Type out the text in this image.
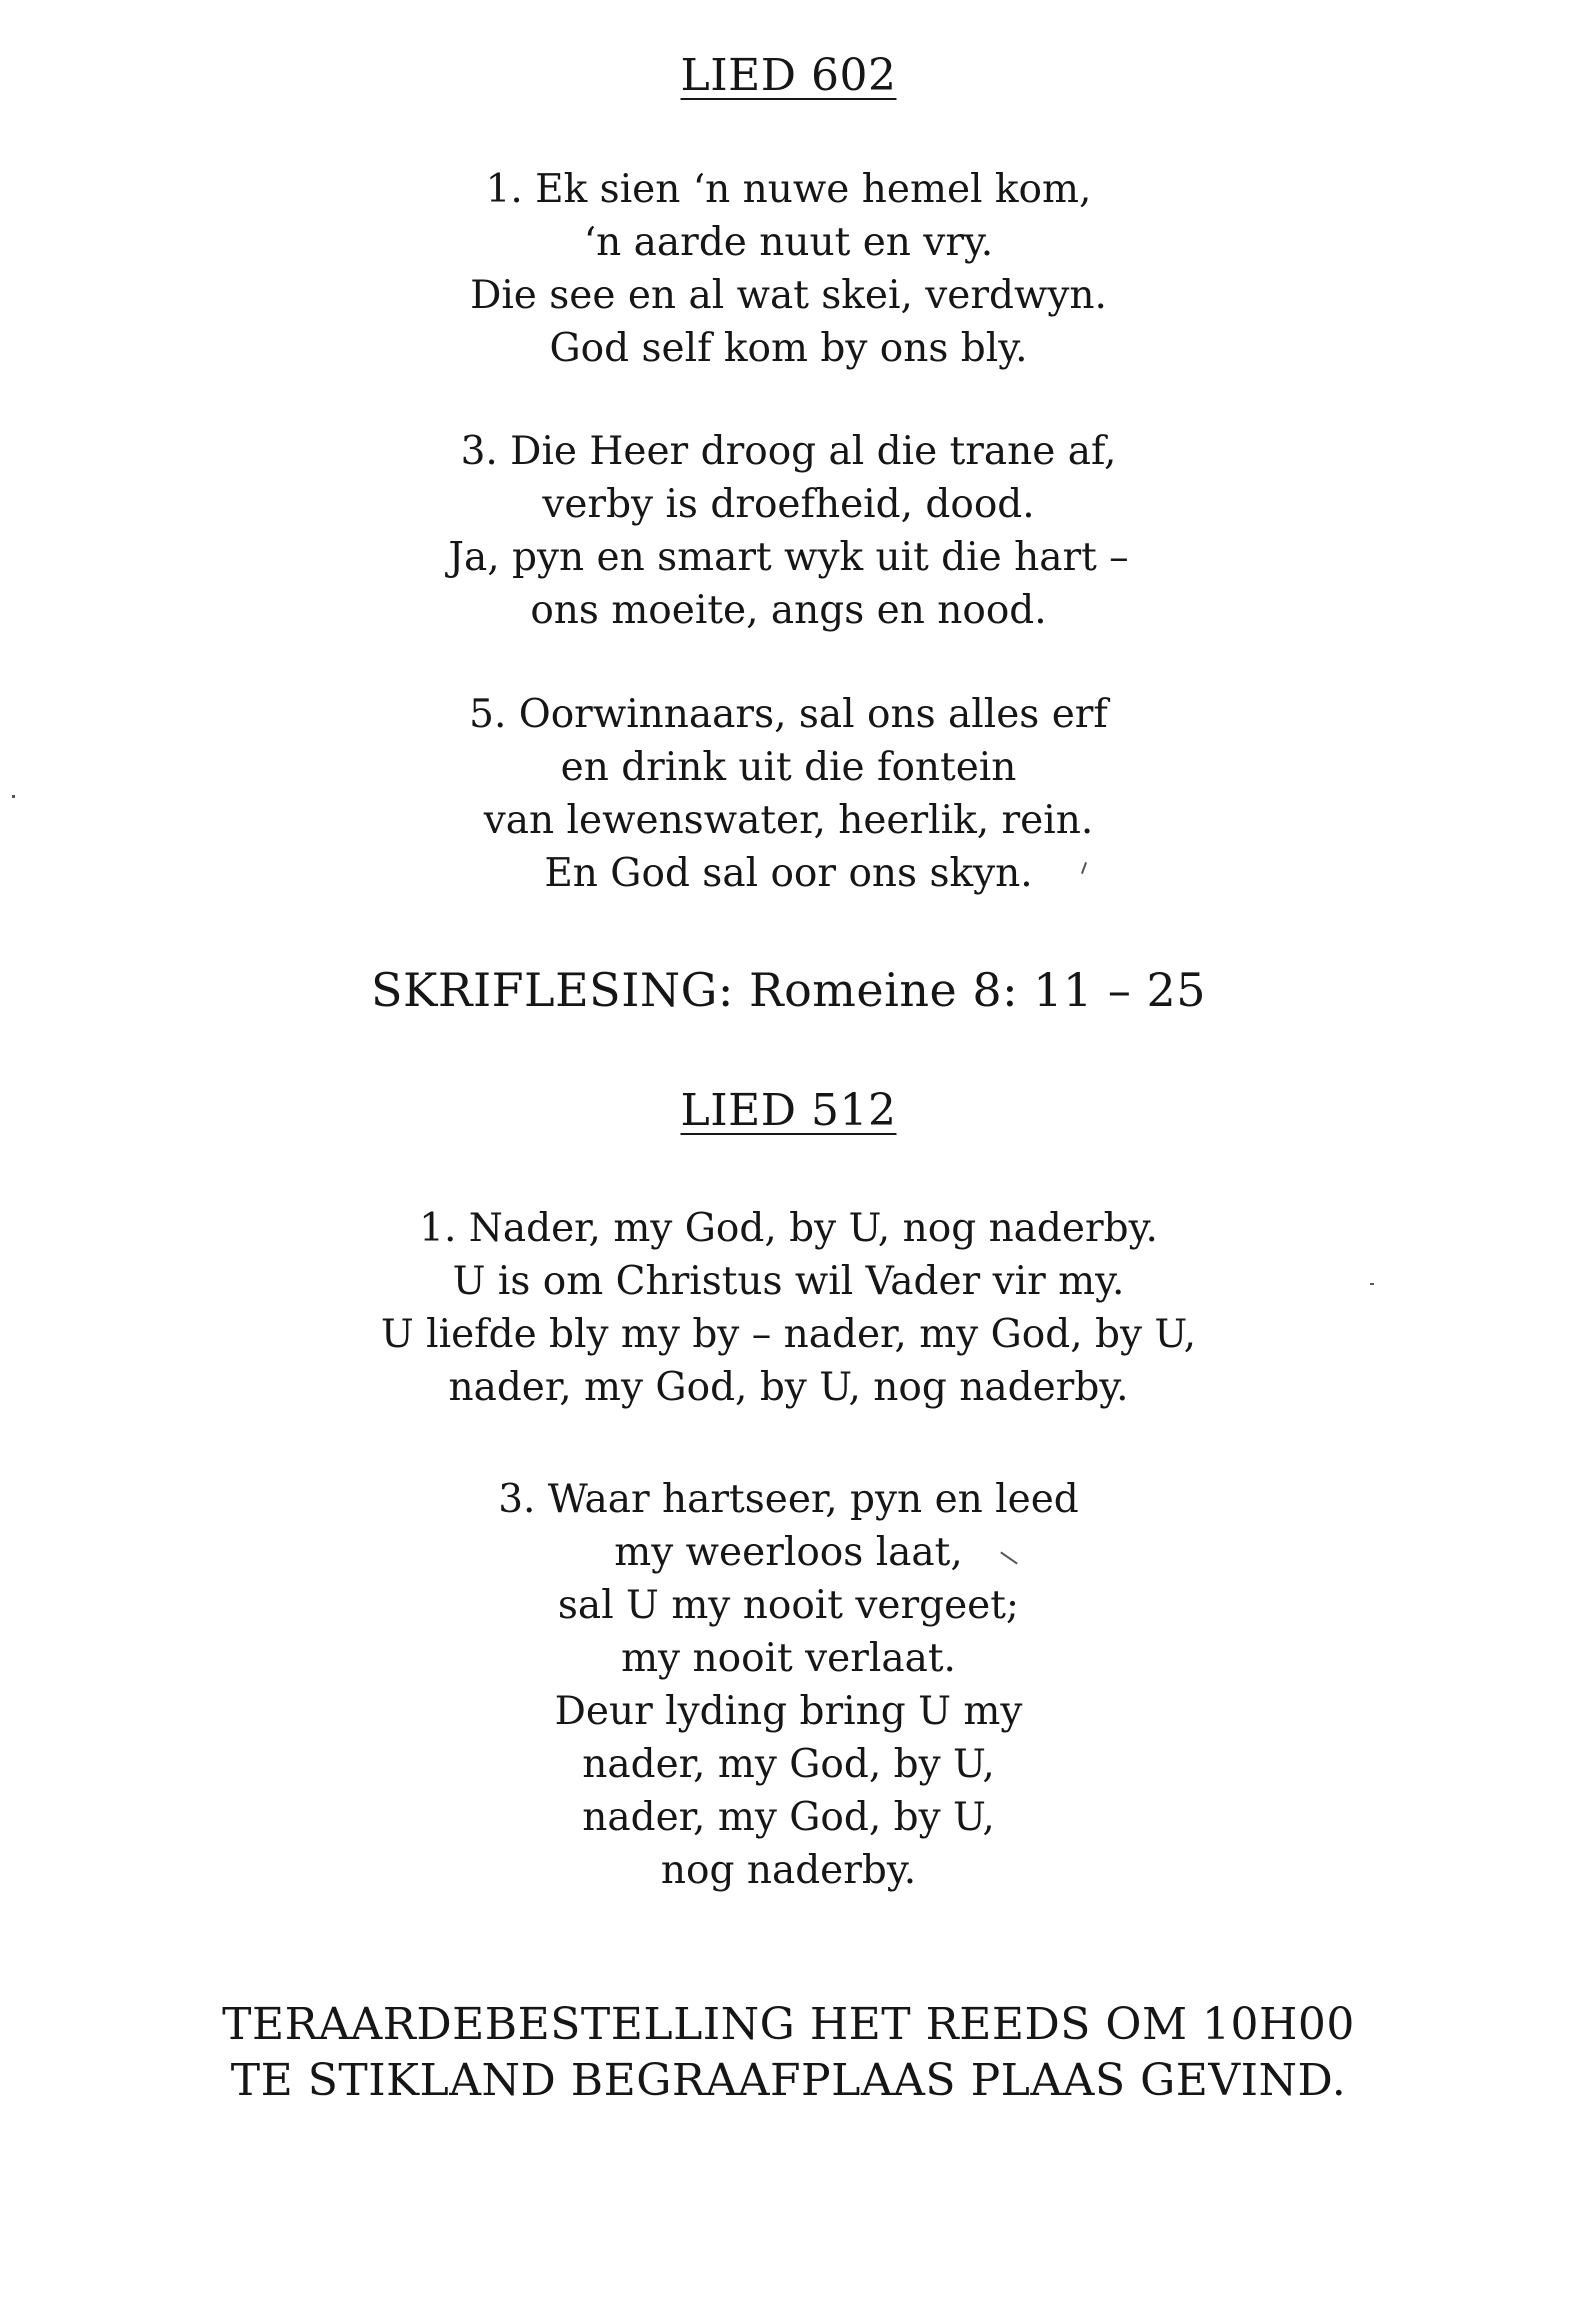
LIED 602
1. Ek sien ‘n nuwe hemel kom,
‘n aarde nuut en vry.
Die see en al wat skei, verdwyn.
God self kom by ons bly.
3. Die Heer droog al die trane af,
verby is droefheid, dood.
Ja, pyn en smart wyk uit die hart –
ons moeite, angs en nood.
5. Oorwinnaars, sal ons alles erf
en drink uit die fontein
van lewenswater, heerlik, rein.
En God sal oor ons skyn.
SKRIFLESING: Romeine 8: 11 – 25
LIED 512
1. Nader, my God, by U, nog naderby.
U is om Christus wil Vader vir my.
U liefde bly my by – nader, my God, by U,
nader, my God, by U, nog naderby.
3. Waar hartseer, pyn en leed
my weerloos laat,
sal U my nooit vergeet;
my nooit verlaat.
Deur lyding bring U my
nader, my God, by U,
nader, my God, by U,
nog naderby.
TERAARDEBESTELLING HET REEDS OM 10H00
TE STIKLAND BEGRAAFPLAAS PLAAS GEVIND.
